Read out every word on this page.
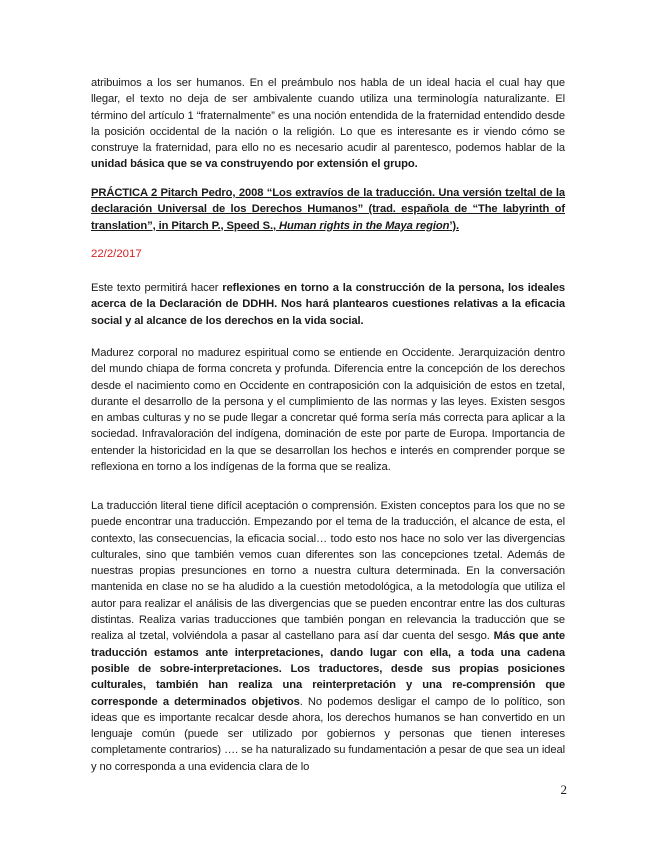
atribuimos a los ser humanos. En el preámbulo nos habla de un ideal hacia el cual hay que llegar, el texto no deja de ser ambivalente cuando utiliza una terminología naturalizante. El término del artículo 1 “fraternalmente” es una noción entendida de la fraternidad entendido desde la posición occidental de la nación o la religión. Lo que es interesante es ir viendo cómo se construye la fraternidad, para ello no es necesario acudir al parentesco, podemos hablar de la unidad básica que se va construyendo por extensión el grupo.

PRÁCTICA 2 Pitarch Pedro, 2008 “Los extravíos de la traducción. Una versión tzeltal de la declaración Universal de los Derechos Humanos” (trad. española de “The labyrinth of translation”, in Pitarch P., Speed S., Human rights in the Maya region’).

22/2/2017

Este texto permitirá hacer reflexiones en torno a la construcción de la persona, los ideales acerca de la Declaración de DDHH. Nos hará plantearos cuestiones relativas a la eficacia social y al alcance de los derechos en la vida social.

Madurez corporal no madurez espiritual como se entiende en Occidente. Jerarquización dentro del mundo chiapa de forma concreta y profunda. Diferencia entre la concepción de los derechos desde el nacimiento como en Occidente en contraposición con la adquisición de estos en tzetal, durante el desarrollo de la persona y el cumplimiento de las normas y las leyes. Existen sesgos en ambas culturas y no se pude llegar a concretar qué forma sería más correcta para aplicar a la sociedad. Infravaloración del indígena, dominación de este por parte de Europa. Importancia de entender la historicidad en la que se desarrollan los hechos e interés en comprender porque se reflexiona en torno a los indígenas de la forma que se realiza.

La traducción literal tiene difícil aceptación o comprensión. Existen conceptos para los que no se puede encontrar una traducción. Empezando por el tema de la traducción, el alcance de esta, el contexto, las consecuencias, la eficacia social… todo esto nos hace no solo ver las divergencias culturales, sino que también vemos cuan diferentes son las concepciones tzetal. Además de nuestras propias presunciones en torno a nuestra cultura determinada. En la conversación mantenida en clase no se ha aludido a la cuestión metodológica, a la metodología que utiliza el autor para realizar el análisis de las divergencias que se pueden encontrar entre las dos culturas distintas. Realiza varias traducciones que también pongan en relevancia la traducción que se realiza al tzetal, volviéndola a pasar al castellano para así dar cuenta del sesgo. Más que ante traducción estamos ante interpretaciones, dando lugar con ella, a toda una cadena posible de sobre-interpretaciones. Los traductores, desde sus propias posiciones culturales, también han realiza una reinterpretación y una re-comprensión que corresponde a determinados objetivos. No podemos desligar el campo de lo político, son ideas que es importante recalcar desde ahora, los derechos humanos se han convertido en un lenguaje común (puede ser utilizado por gobiernos y personas que tienen intereses completamente contrarios) …. se ha naturalizado su fundamentación a pesar de que sea un ideal y no corresponda a una evidencia clara de lo

2
